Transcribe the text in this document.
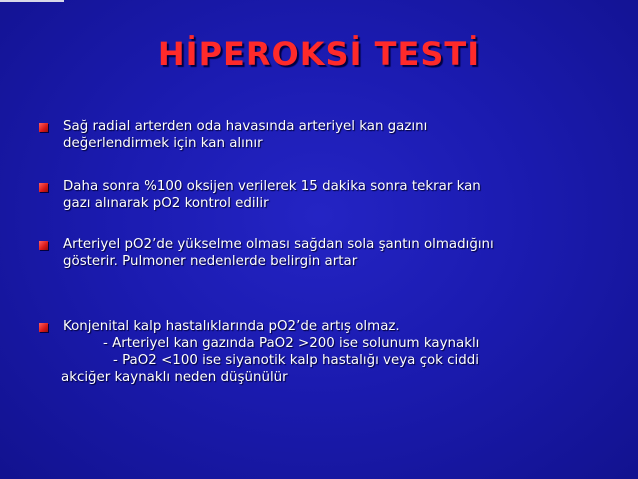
HİPEROKSİ TESTİ
Sağ radial arterden oda havasında arteriyel kan gazını
değerlendirmek için kan alınır
Daha sonra %100 oksijen verilerek 15 dakika sonra tekrar kan
gazı alınarak pO2 kontrol edilir
Arteriyel pO2’de yükselme olması sağdan sola şantın olmadığını
gösterir. Pulmoner nedenlerde belirgin artar
Konjenital kalp hastalıklarında pO2’de artış olmaz.
- Arteriyel kan gazında PaO2 >200 ise solunum kaynaklı
- PaO2 <100 ise siyanotik kalp hastalığı veya çok ciddi
akciğer kaynaklı neden düşünülür
